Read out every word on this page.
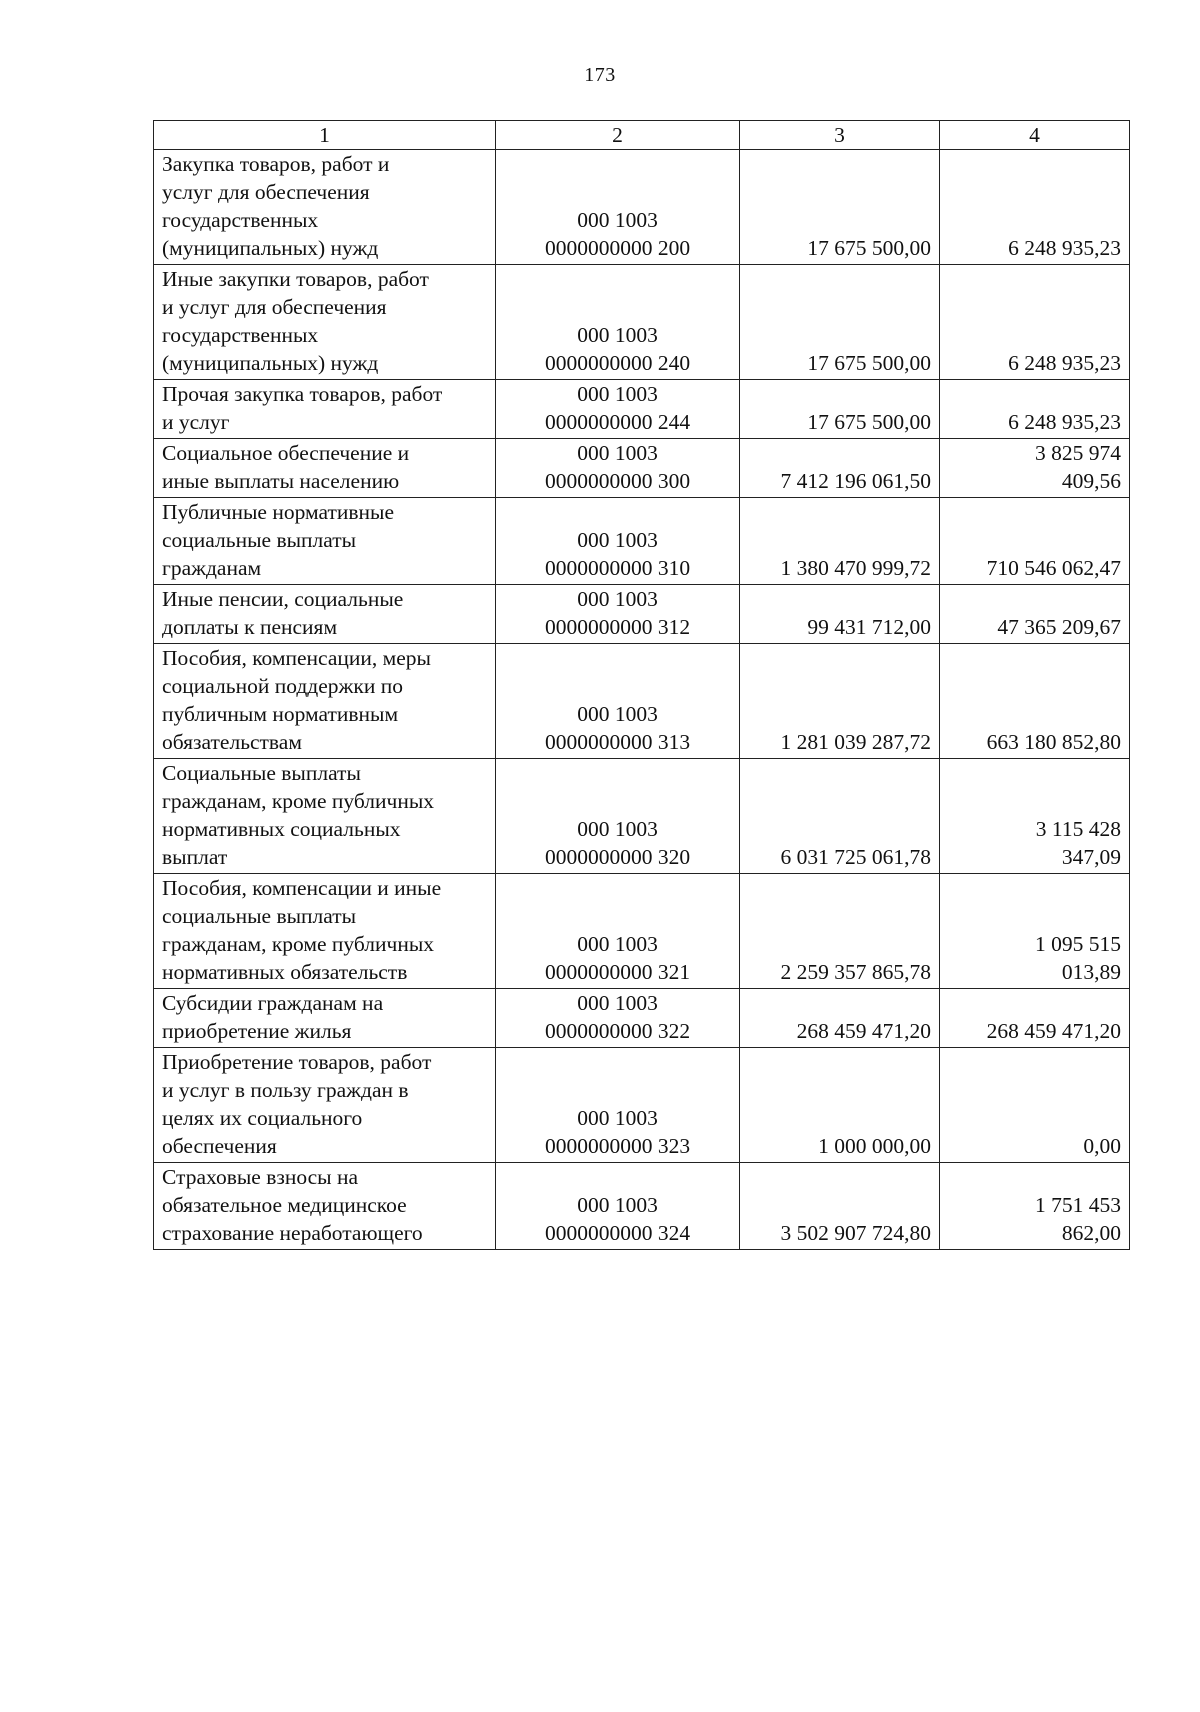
173
1	2	3	4

Закупка товаров, работ и
услуг для обеспечения
государственных
(муниципальных) нужд	000 1003
0000000000 200	17 675 500,00	6 248 935,23

Иные закупки товаров, работ
и услуг для обеспечения
государственных
(муниципальных) нужд	000 1003
0000000000 240	17 675 500,00	6 248 935,23

Прочая закупка товаров, работ
и услуг	000 1003
0000000000 244	17 675 500,00	6 248 935,23

Социальное обеспечение и
иные выплаты населению	000 1003
0000000000 300	7 412 196 061,50	3 825 974
409,56

Публичные нормативные
социальные выплаты
гражданам	000 1003
0000000000 310	1 380 470 999,72	710 546 062,47

Иные пенсии, социальные
доплаты к пенсиям	000 1003
0000000000 312	99 431 712,00	47 365 209,67

Пособия, компенсации, меры
социальной поддержки по
публичным нормативным
обязательствам	000 1003
0000000000 313	1 281 039 287,72	663 180 852,80

Социальные выплаты
гражданам, кроме публичных
нормативных социальных
выплат	000 1003
0000000000 320	6 031 725 061,78	3 115 428
347,09

Пособия, компенсации и иные
социальные выплаты
гражданам, кроме публичных
нормативных обязательств	000 1003
0000000000 321	2 259 357 865,78	1 095 515
013,89

Субсидии гражданам на
приобретение жилья	000 1003
0000000000 322	268 459 471,20	268 459 471,20

Приобретение товаров, работ
и услуг в пользу граждан в
целях их социального
обеспечения	000 1003
0000000000 323	1 000 000,00	0,00

Страховые взносы на
обязательное медицинское
страхование неработающего	000 1003
0000000000 324	3 502 907 724,80	1 751 453
862,00
